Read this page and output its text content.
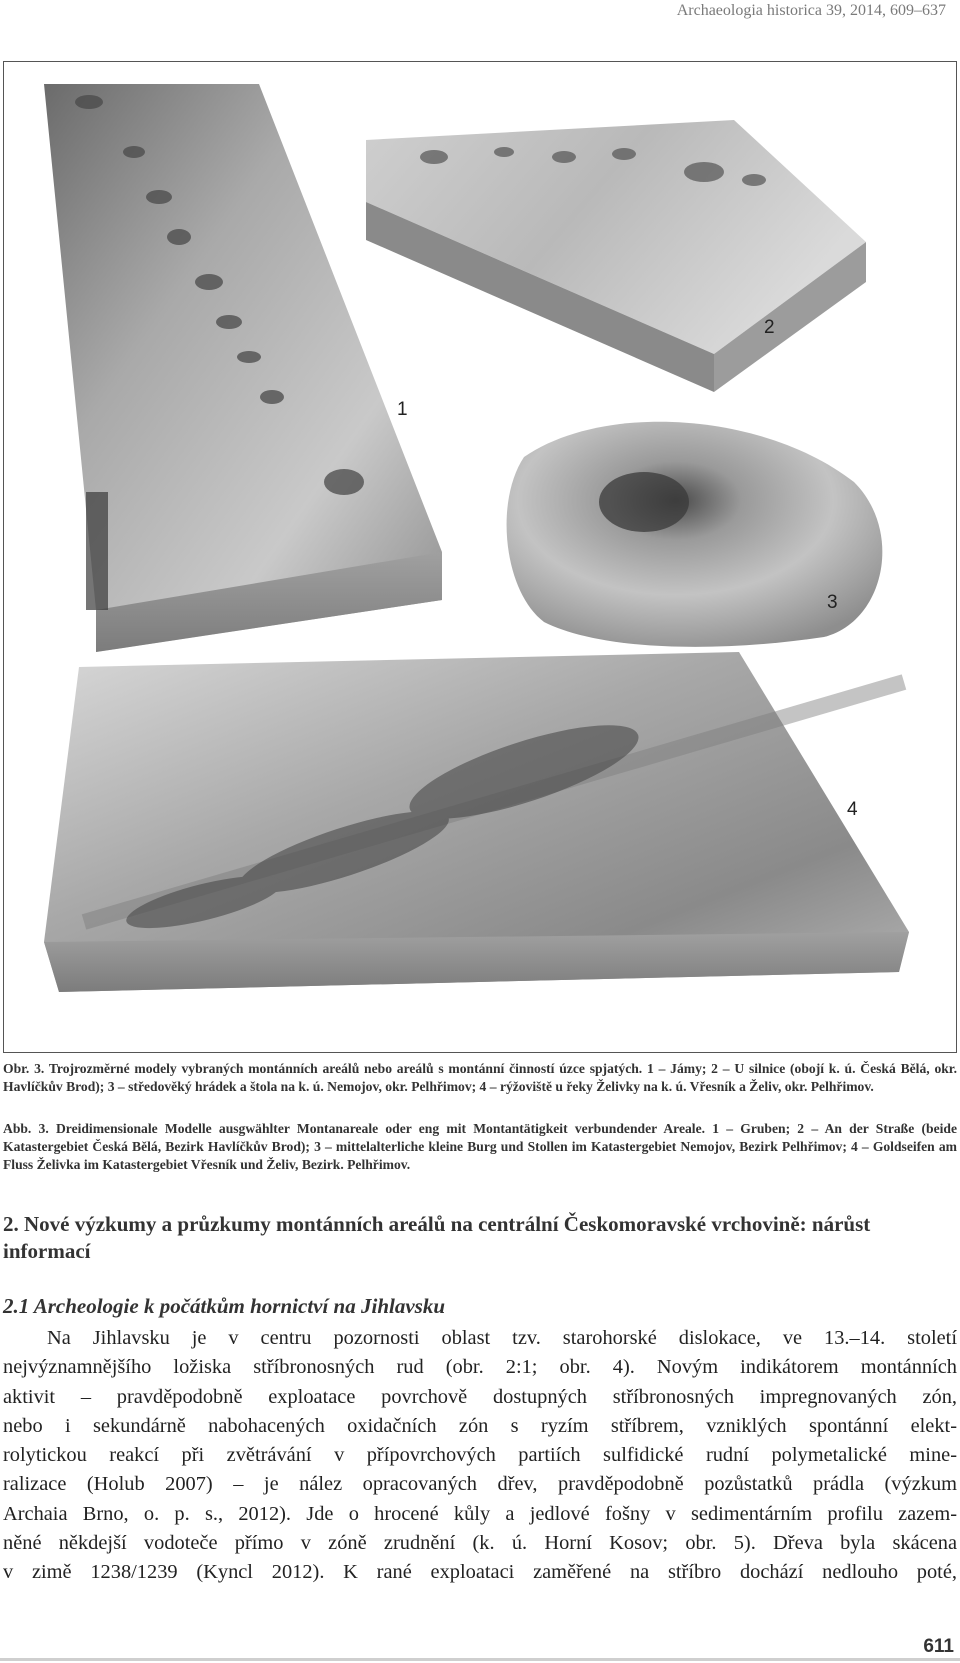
Archaeologia historica 39, 2014, 609–637
1
2
3
4
Obr. 3. Trojrozměrné modely vybraných montánních areálů nebo areálů s montánní činností úzce spjatých. 1 – Jámy; 2 – U silnice (obojí k. ú. Česká Bělá, okr. Havlíčkův Brod); 3 – středověký hrádek a štola na k. ú. Nemojov, okr. Pelhřimov; 4 – rýžoviště u řeky Želivky na k. ú. Vřesník a Želiv, okr. Pelhřimov.
Abb. 3. Dreidimensionale Modelle ausgwählter Montanareale oder eng mit Montantätigkeit verbundender Areale. 1 – Gruben; 2 – An der Straße (beide Katastergebiet Česká Bělá, Bezirk Havlíčkův Brod); 3 – mittelalterliche kleine Burg und Stollen im Katastergebiet Nemojov, Bezirk Pelhřimov; 4 – Goldseifen am Fluss Želivka im Katastergebiet Vřesník und Želiv, Bezirk. Pelhřimov.
2. Nové výzkumy a průzkumy montánních areálů na centrální Českomoravské vrchovině: nárůst informací
2.1 Archeologie k počátkům hornictví na Jihlavsku
Na Jihlavsku je v centru pozornosti oblast tzv. starohorské dislokace, ve 13.–14. století
nejvýznamnějšího ložiska stříbronosných rud (obr. 2:1; obr. 4). Novým indikátorem montánních
aktivit – pravděpodobně exploatace povrchově dostupných stříbronosných impregnovaných zón,
nebo i sekundárně nabohacených oxidačních zón s ryzím stříbrem, vzniklých spontánní elekt-
rolytickou reakcí při zvětrávání v přípovrchových partiích sulfidické rudní polymetalické mine-
ralizace (Holub 2007) – je nález opracovaných dřev, pravděpodobně pozůstatků prádla (výzkum
Archaia Brno, o. p. s., 2012). Jde o hrocené kůly a jedlové fošny v sedimentárním profilu zazem-
něné někdejší vodoteče přímo v zóně zrudnění (k. ú. Horní Kosov; obr. 5). Dřeva byla skácena
v zimě 1238/1239 (Kyncl 2012). K rané exploataci zaměřené na stříbro dochází nedlouho poté,
611
